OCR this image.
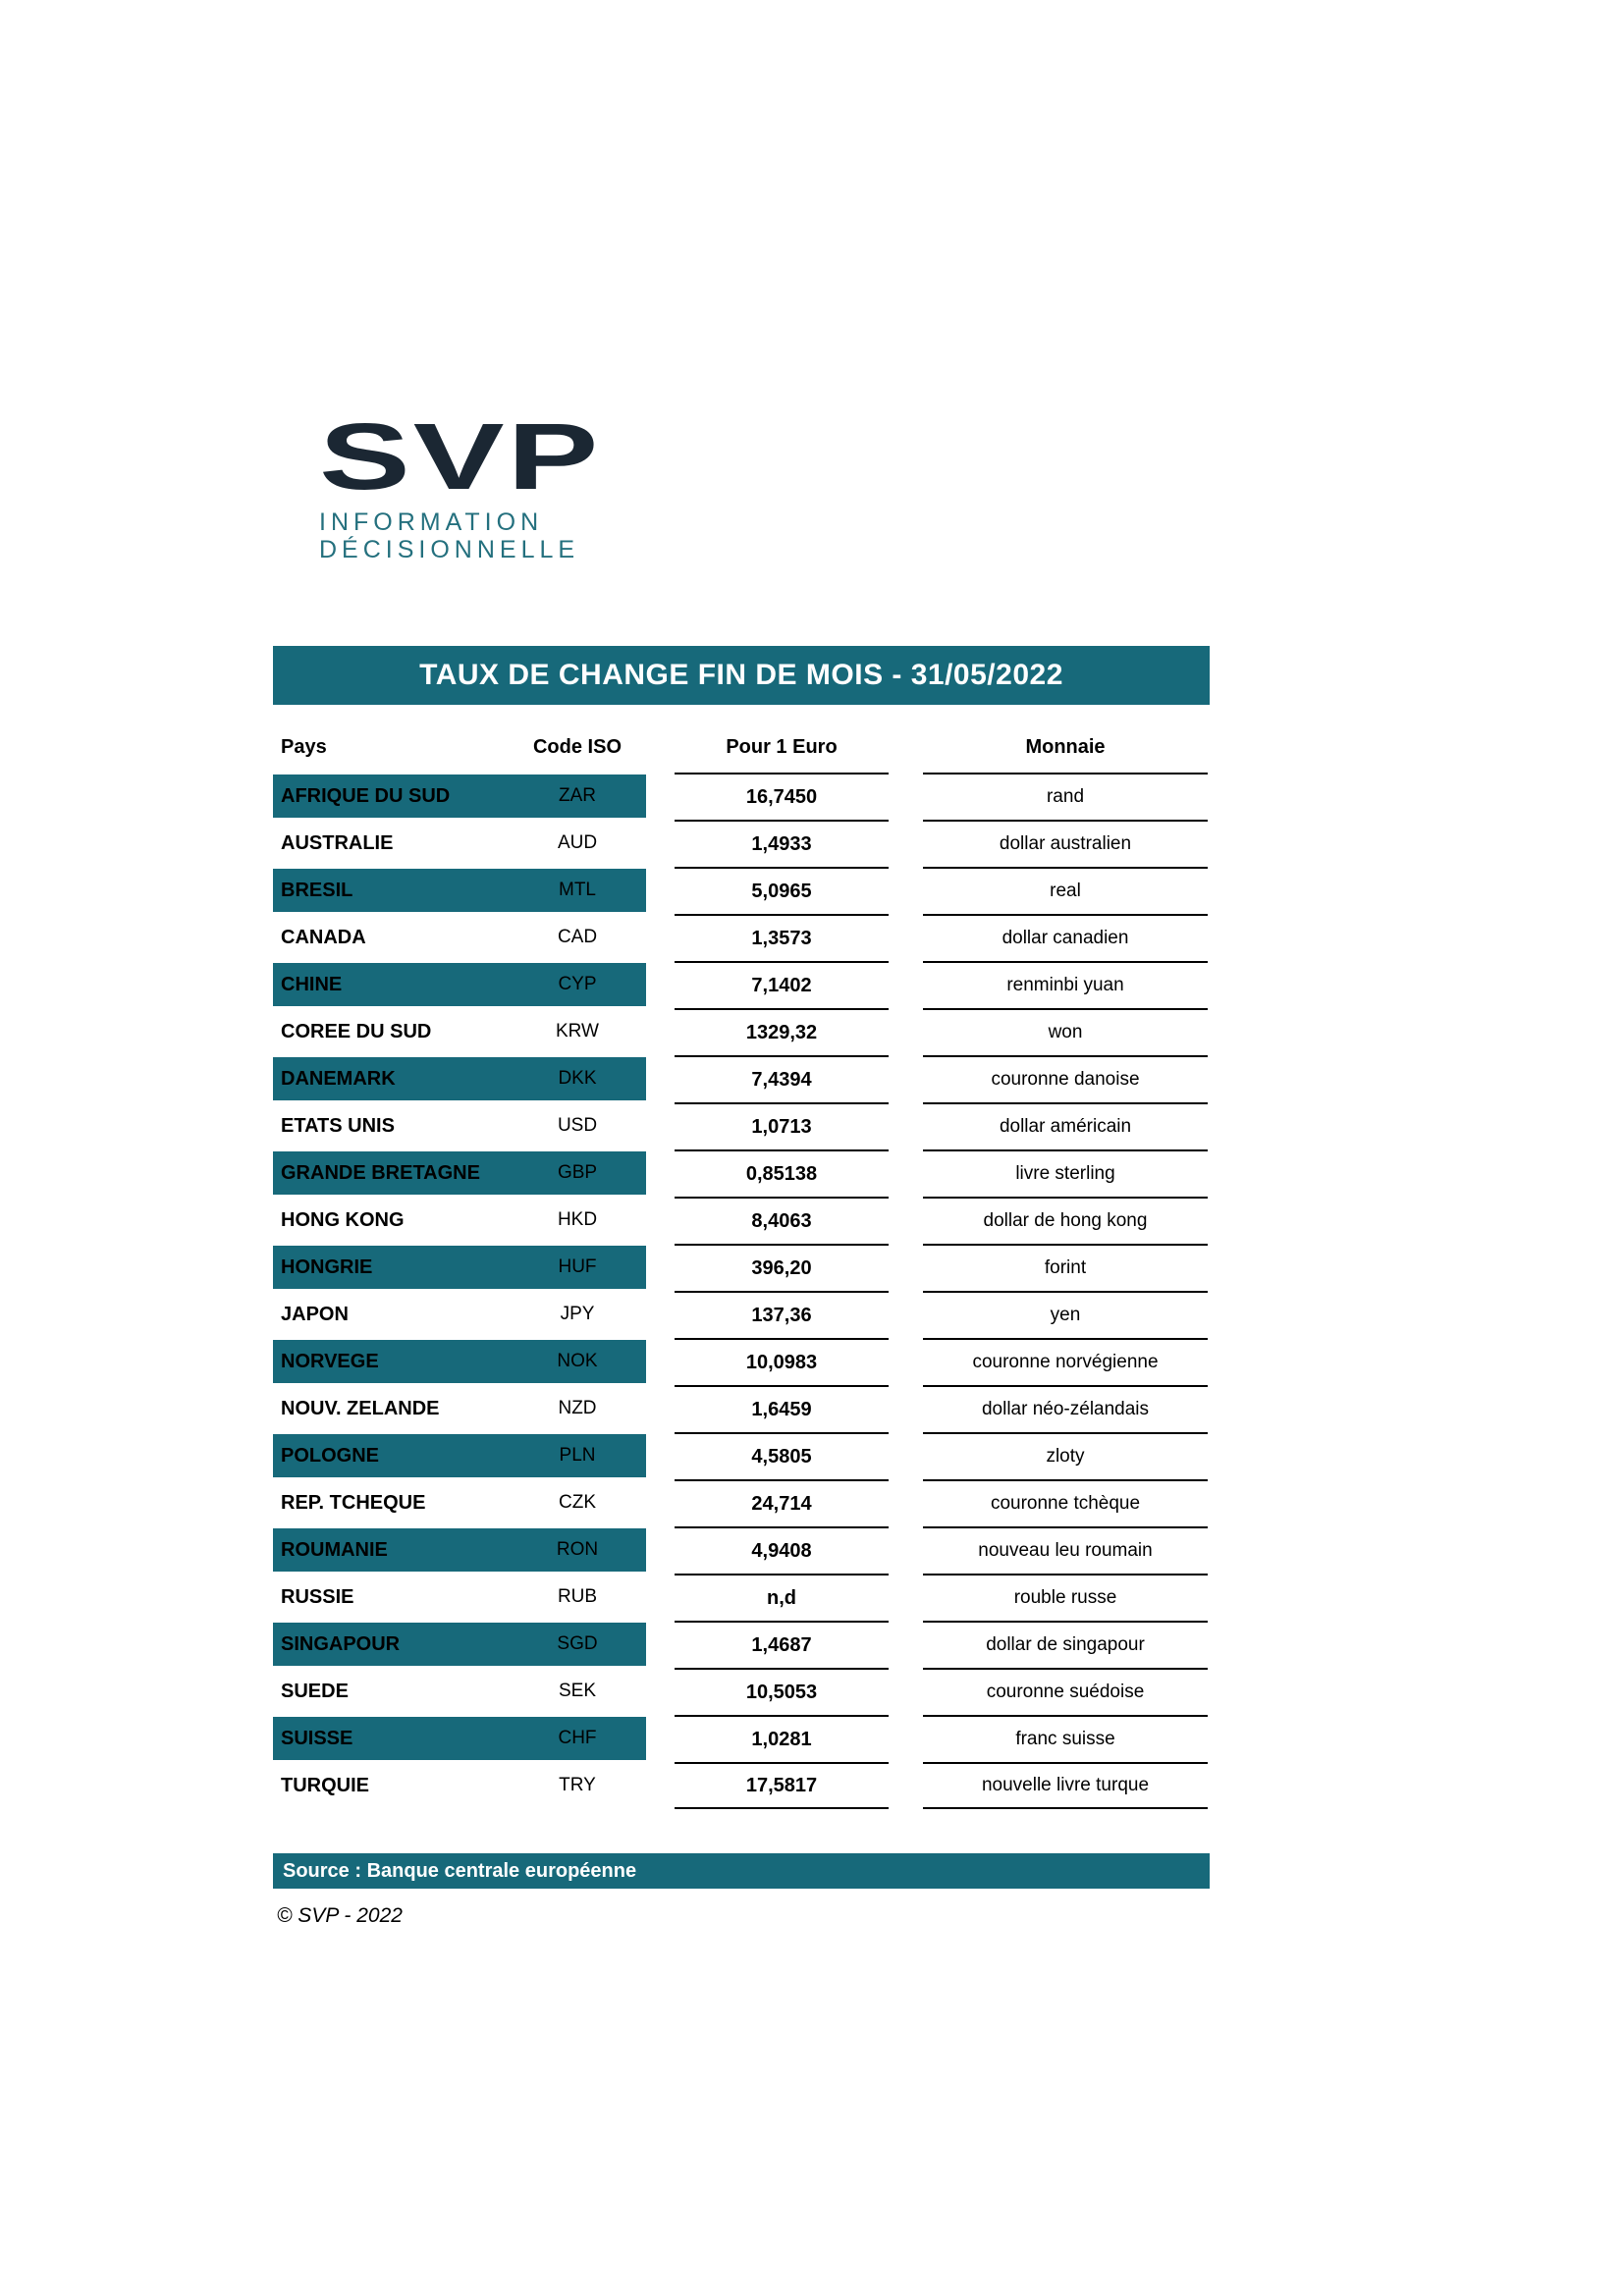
SVP
INFORMATION
DÉCISIONNELLE
TAUX DE CHANGE FIN DE MOIS - 31/05/2022
Pays	Code ISO	Pour 1 Euro	Monnaie
AFRIQUE DU SUD	ZAR	16,7450	rand
AUSTRALIE	AUD	1,4933	dollar australien
BRESIL	MTL	5,0965	real
CANADA	CAD	1,3573	dollar canadien
CHINE	CYP	7,1402	renminbi yuan
COREE DU SUD	KRW	1329,32	won
DANEMARK	DKK	7,4394	couronne danoise
ETATS UNIS	USD	1,0713	dollar américain
GRANDE BRETAGNE	GBP	0,85138	livre sterling
HONG KONG	HKD	8,4063	dollar de hong kong
HONGRIE	HUF	396,20	forint
JAPON	JPY	137,36	yen
NORVEGE	NOK	10,0983	couronne norvégienne
NOUV. ZELANDE	NZD	1,6459	dollar néo-zélandais
POLOGNE	PLN	4,5805	zloty
REP. TCHEQUE	CZK	24,714	couronne tchèque
ROUMANIE	RON	4,9408	nouveau leu roumain
RUSSIE	RUB	n,d	rouble russe
SINGAPOUR	SGD	1,4687	dollar de singapour
SUEDE	SEK	10,5053	couronne suédoise
SUISSE	CHF	1,0281	franc suisse
TURQUIE	TRY	17,5817	nouvelle livre turque
Source : Banque centrale européenne
© SVP - 2022
